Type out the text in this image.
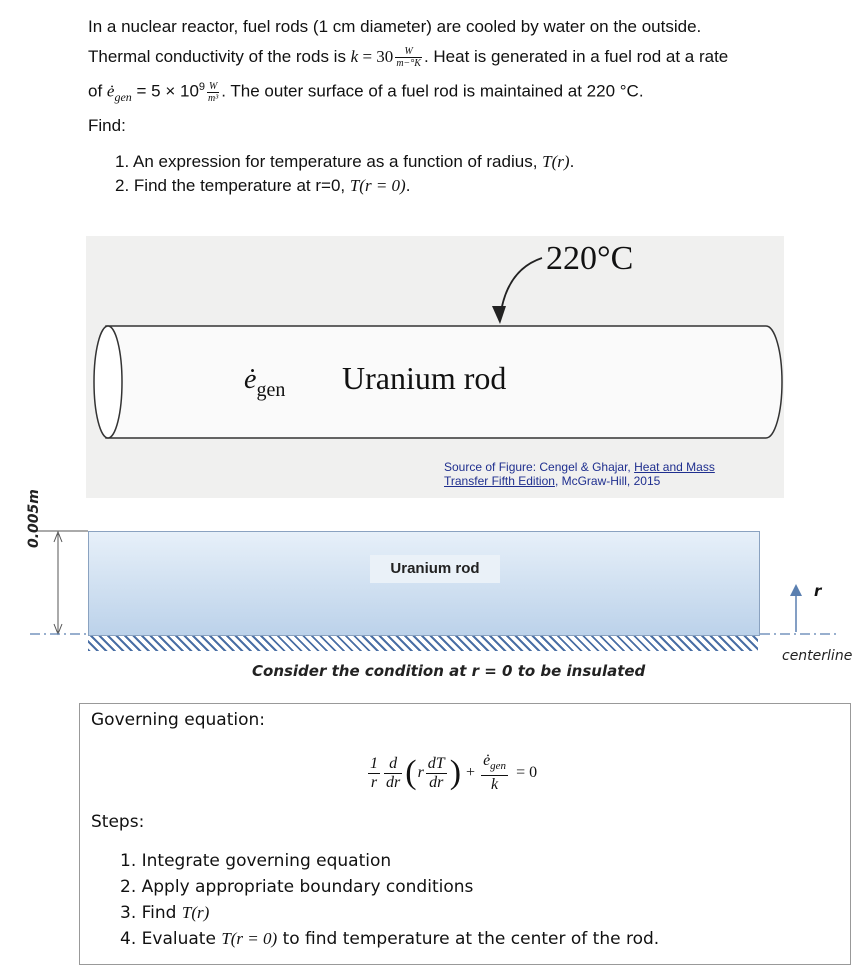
In a nuclear reactor, fuel rods (1 cm diameter) are cooled by water on the outside.

Thermal conductivity of the rods is $k = 30 \frac{W}{m-^\circ K}$ . Heat is generated in a fuel rod at a rate

of $ė_{gen} = 5 \times 10^9 \frac{W}{\text{m³}}$ . The outer surface of a fuel rod is maintained at 220 °C.

Find:
1. An expression for temperature as a function of radius, T(r).
2. Find the temperature at r=0, T(r = 0).
220°C
$ė_{gen}$ Uranium rod
Source of Figure: Cengel & Ghajar, Heat and Mass Transfer Fifth Edition, McGraw-Hill, 2015
Uranium rod
0.005m
r
centerline
Consider the condition at r = 0 to be insulated
Governing equation:
1
r
d
dr ( r
dT
dr ) +
$ė_{gen}$
k
= 0
Steps:
1. Integrate governing equation
2. Apply appropriate boundary conditions
3. Find T(r)
4. Evaluate T(r = 0) to find temperature at the center of the rod.
